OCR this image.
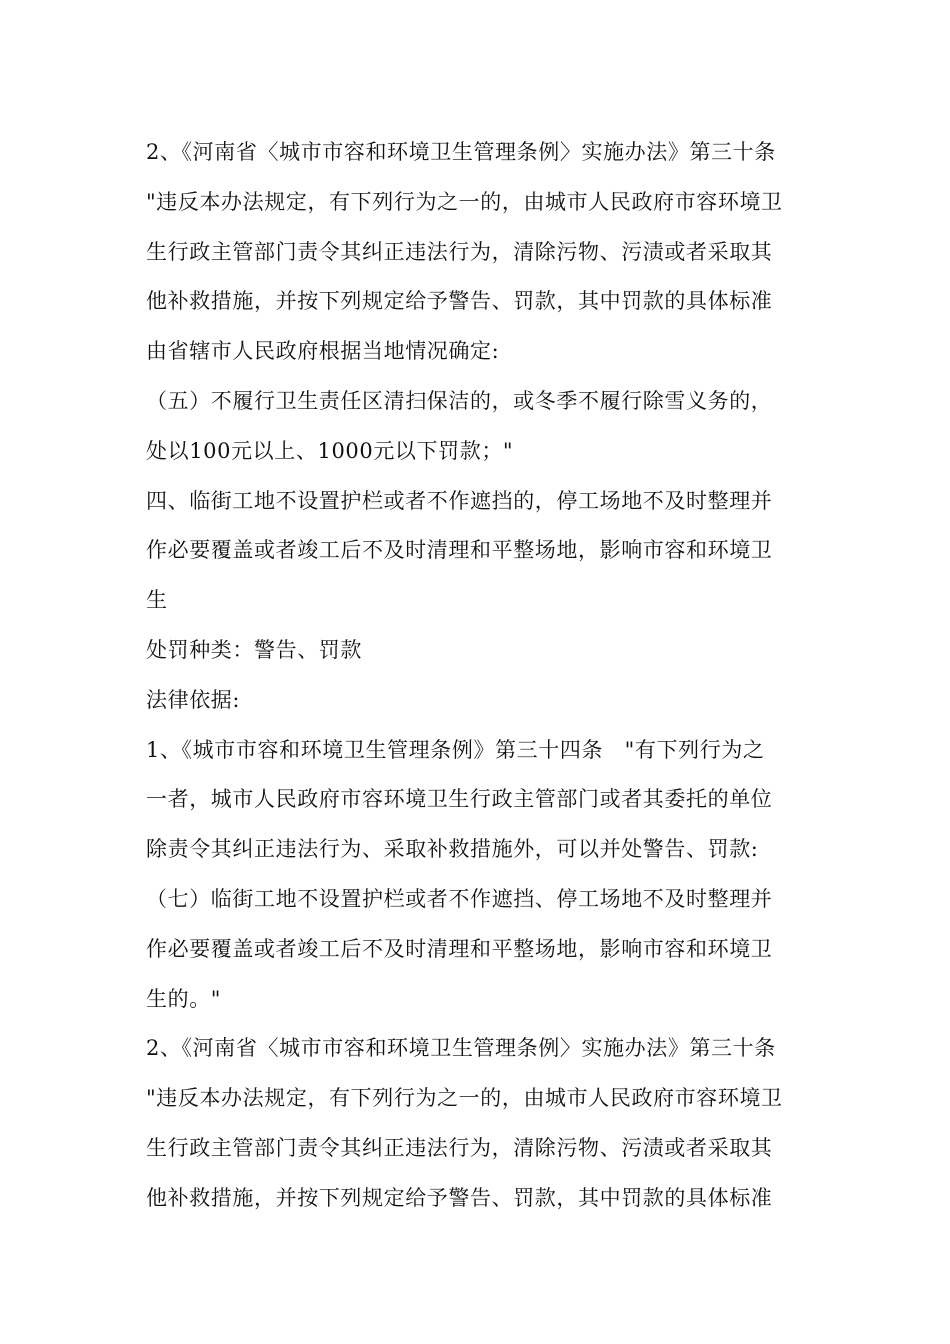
2、《河南省〈城市市容和环境卫生管理条例〉实施办法》第三十条
"违反本办法规定，有下列行为之一的，由城市人民政府市容环境卫
生行政主管部门责令其纠正违法行为，清除污物、污渍或者采取其
他补救措施，并按下列规定给予警告、罚款，其中罚款的具体标准
由省辖市人民政府根据当地情况确定:
（五）不履行卫生责任区清扫保洁的，或冬季不履行除雪义务的，
处以100元以上、1000元以下罚款；"
四、临街工地不设置护栏或者不作遮挡的，停工场地不及时整理并
作必要覆盖或者竣工后不及时清理和平整场地，影响市容和环境卫
生
处罚种类：警告、罚款
法律依据:
1、《城市市容和环境卫生管理条例》第三十四条　"有下列行为之
一者，城市人民政府市容环境卫生行政主管部门或者其委托的单位
除责令其纠正违法行为、采取补救措施外，可以并处警告、罚款:
（七）临街工地不设置护栏或者不作遮挡、停工场地不及时整理并
作必要覆盖或者竣工后不及时清理和平整场地，影响市容和环境卫
生的。"
2、《河南省〈城市市容和环境卫生管理条例〉实施办法》第三十条
"违反本办法规定，有下列行为之一的，由城市人民政府市容环境卫
生行政主管部门责令其纠正违法行为，清除污物、污渍或者采取其
他补救措施，并按下列规定给予警告、罚款，其中罚款的具体标准
